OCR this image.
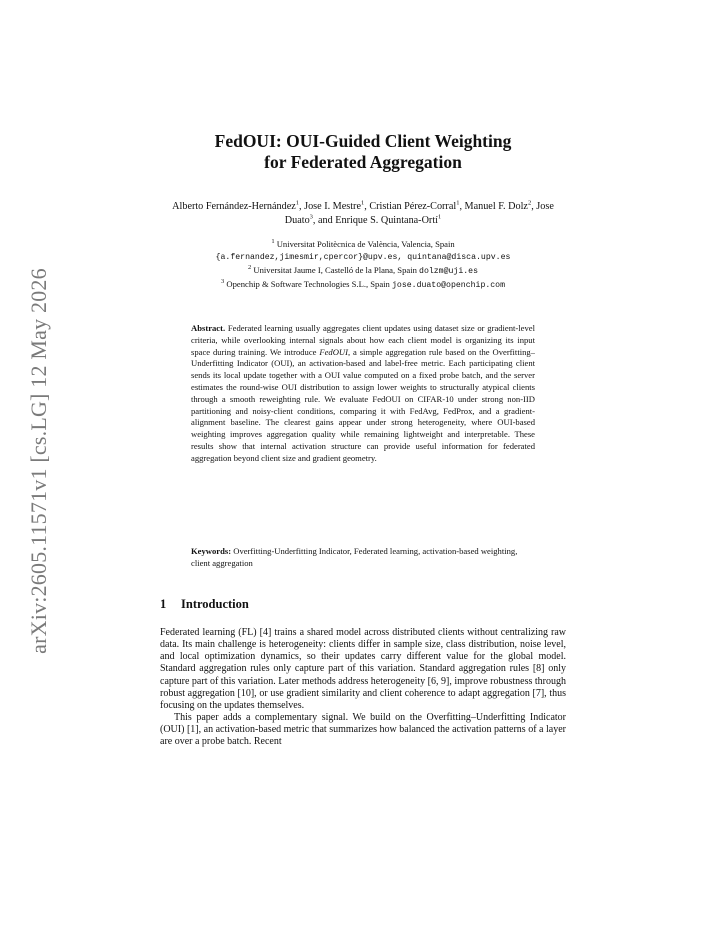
arXiv:2605.11571v1 [cs.LG] 12 May 2026
FedOUI: OUI-Guided Client Weighting
for Federated Aggregation
Alberto Fernández-Hernández$^1$, Jose I. Mestre$^1$, Cristian Pérez-Corral$^1$, Manuel F. Dolz$^2$, Jose Duato$^3$, and Enrique S. Quintana-Ortí$^1$
$^1$ Universitat Politècnica de València, Valencia, Spain
{a.fernandez,jimesmir,cpercor}@upv.es, quintana@disca.upv.es
$^2$ Universitat Jaume I, Castelló de la Plana, Spain dolzm@uji.es
$^3$ Openchip & Software Technologies S.L., Spain jose.duato@openchip.com
Abstract. Federated learning usually aggregates client updates using dataset size or gradient-level criteria, while overlooking internal signals about how each client model is organizing its input space during training. We introduce FedOUI, a simple aggregation rule based on the Overfitting–Underfitting Indicator (OUI), an activation-based and label-free metric. Each participating client sends its local update together with a OUI value computed on a fixed probe batch, and the server estimates the round-wise OUI distribution to assign lower weights to structurally atypical clients through a smooth reweighting rule. We evaluate FedOUI on CIFAR-10 under strong non-IID partitioning and noisy-client conditions, comparing it with FedAvg, FedProx, and a gradient-alignment baseline. The clearest gains appear under strong heterogeneity, where OUI-based weighting improves aggregation quality while remaining lightweight and interpretable. These results show that internal activation structure can provide useful information for federated aggregation beyond client size and gradient geometry.
Keywords: Overfitting-Underfitting Indicator, Federated learning, activation-based weighting, client aggregation
1 Introduction

Federated learning (FL) [4] trains a shared model across distributed clients without centralizing raw data. Its main challenge is heterogeneity: clients differ in sample size, class distribution, noise level, and local optimization dynamics, so their updates carry different value for the global model. Standard aggregation rules only capture part of this variation. Standard aggregation rules [8] only capture part of this variation. Later methods address heterogeneity [6, 9], improve robustness through robust aggregation [10], or use gradient similarity and client coherence to adapt aggregation [7], thus focusing on the updates themselves.

This paper adds a complementary signal. We build on the Overfitting–Underfitting Indicator (OUI) [1], an activation-based metric that summarizes how balanced the activation patterns of a layer are over a probe batch. Recent
